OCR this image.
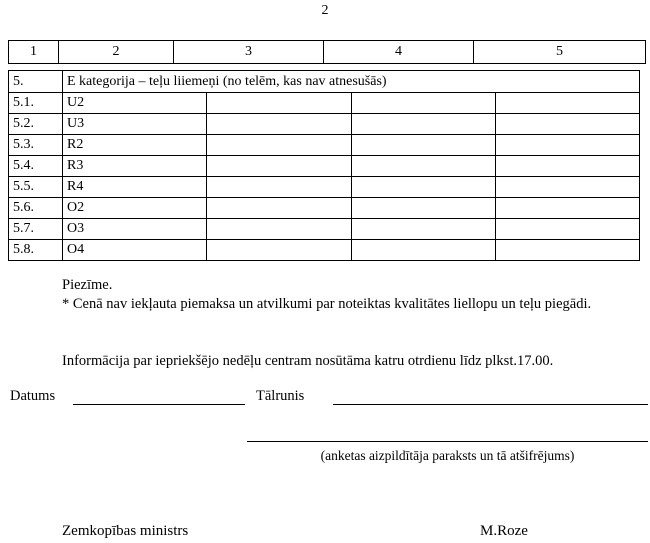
2
1	2	3	4	5
5.	E kategorija – teļu liiemeņi (no telēm, kas nav atnesušās)			
5.1.	U2			
5.2.	U3			
5.3.	R2			
5.4.	R3			
5.5.	R4			
5.6.	O2			
5.7.	O3			
5.8.	O4			
Piezīme.
* Cenā nav iekļauta piemaksa un atvilkumi par noteiktas kvalitātes liellopu un teļu piegādi.
Informācija par iepriekšējo nedēļu centram nosūtāma katru otrdienu līdz plkst.17.00.
Datums	Tālrunis
(anketas aizpildītāja paraksts un tā atšifrējums)
Zemkopības ministrs	M.Roze
